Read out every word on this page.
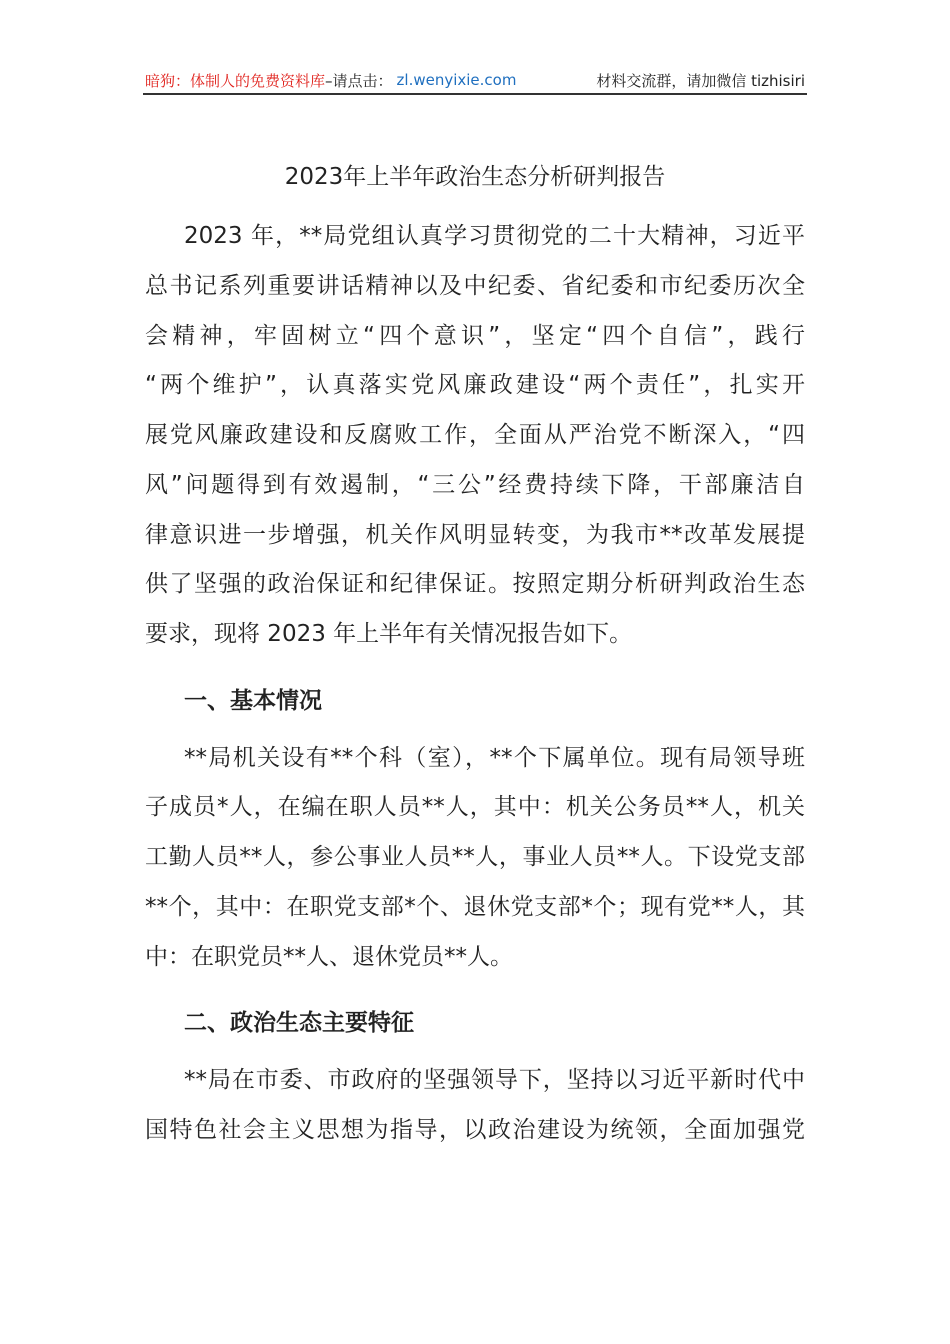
暗狗：体制人的免费资料库 –请点击： zl.wenyixie.com	材料交流群，请加微信 tizhisiri
2023年上半年政治生态分析研判报告
2023 年，**局党组认真学习贯彻党的二十大精神，习近平
总书记系列重要讲话精神以及中纪委、省纪委和市纪委历次全
会精神，牢固树立“四个意识”，坚定“四个自信”，践行
“两个维护”，认真落实党风廉政建设“两个责任”，扎实开
展党风廉政建设和反腐败工作，全面从严治党不断深入，“四
风”问题得到有效遏制，“三公”经费持续下降，干部廉洁自
律意识进一步增强，机关作风明显转变，为我市**改革发展提
供了坚强的政治保证和纪律保证。按照定期分析研判政治生态
要求，现将 2023 年上半年有关情况报告如下。
一、基本情况
**局机关设有**个科（室），**个下属单位。现有局领导班
子成员*人，在编在职人员**人，其中：机关公务员**人，机关
工勤人员**人，参公事业人员**人，事业人员**人。下设党支部
**个，其中：在职党支部*个、退休党支部*个；现有党**人，其
中：在职党员**人、退休党员**人。
二、政治生态主要特征
**局在市委、市政府的坚强领导下，坚持以习近平新时代中
国特色社会主义思想为指导，以政治建设为统领，全面加强党
